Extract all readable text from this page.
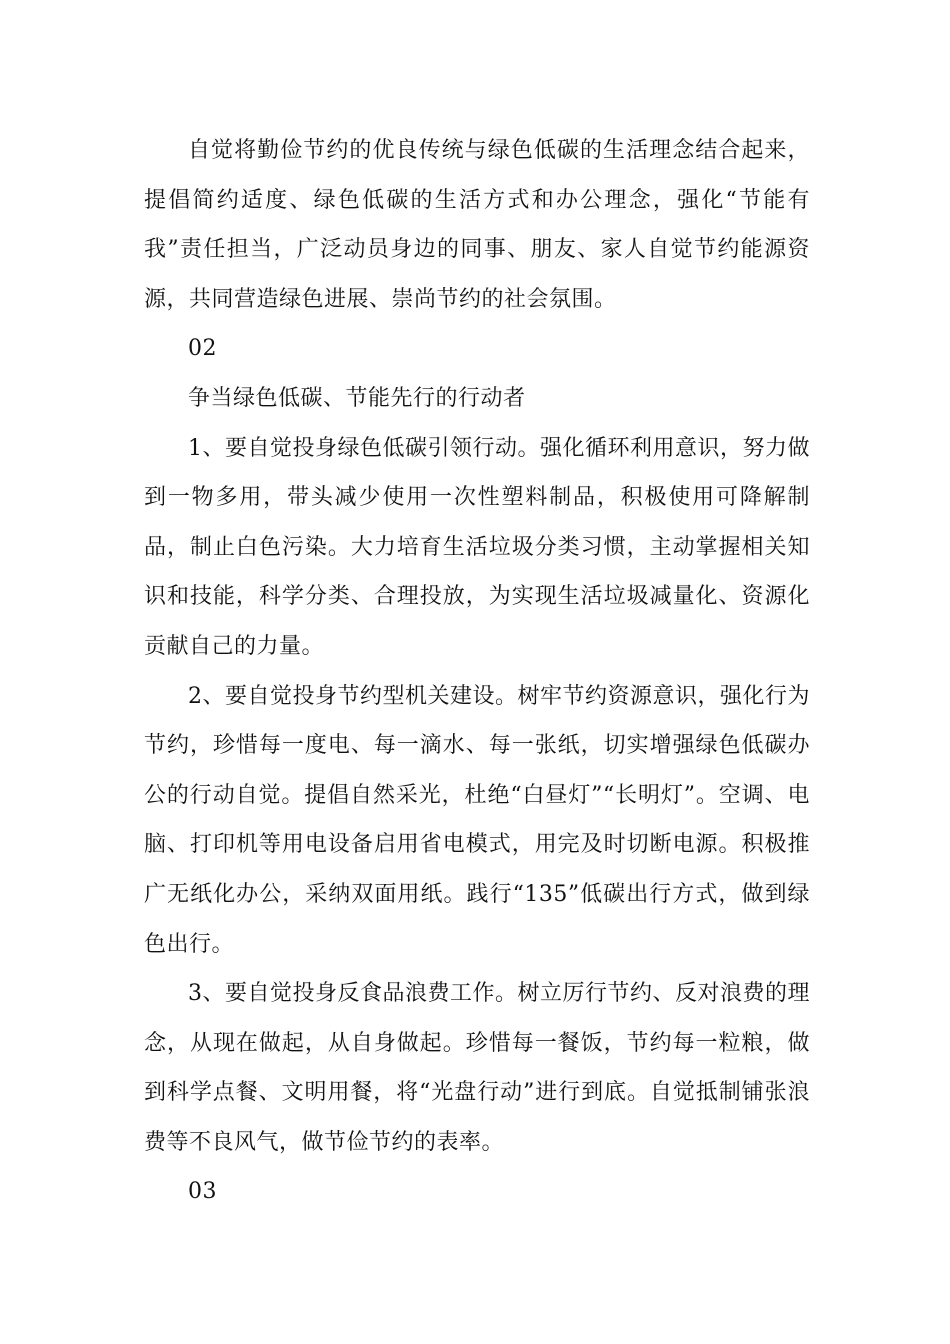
自觉将勤俭节约的优良传统与绿色低碳的生活理念结合起来，提倡简约适度、绿色低碳的生活方式和办公理念，强化“节能有我”责任担当，广泛动员身边的同事、朋友、家人自觉节约能源资源，共同营造绿色进展、崇尚节约的社会氛围。

02

争当绿色低碳、节能先行的行动者

1、要自觉投身绿色低碳引领行动。强化循环利用意识，努力做到一物多用，带头减少使用一次性塑料制品，积极使用可降解制品，制止白色污染。大力培育生活垃圾分类习惯，主动掌握相关知识和技能，科学分类、合理投放，为实现生活垃圾减量化、资源化贡献自己的力量。

2、要自觉投身节约型机关建设。树牢节约资源意识，强化行为节约，珍惜每一度电、每一滴水、每一张纸，切实增强绿色低碳办公的行动自觉。提倡自然采光，杜绝“白昼灯”“长明灯”。空调、电脑、打印机等用电设备启用省电模式，用完及时切断电源。积极推广无纸化办公，采纳双面用纸。践行“135”低碳出行方式，做到绿色出行。

3、要自觉投身反食品浪费工作。树立厉行节约、反对浪费的理念，从现在做起，从自身做起。珍惜每一餐饭，节约每一粒粮，做到科学点餐、文明用餐，将“光盘行动”进行到底。自觉抵制铺张浪费等不良风气，做节俭节约的表率。

03
